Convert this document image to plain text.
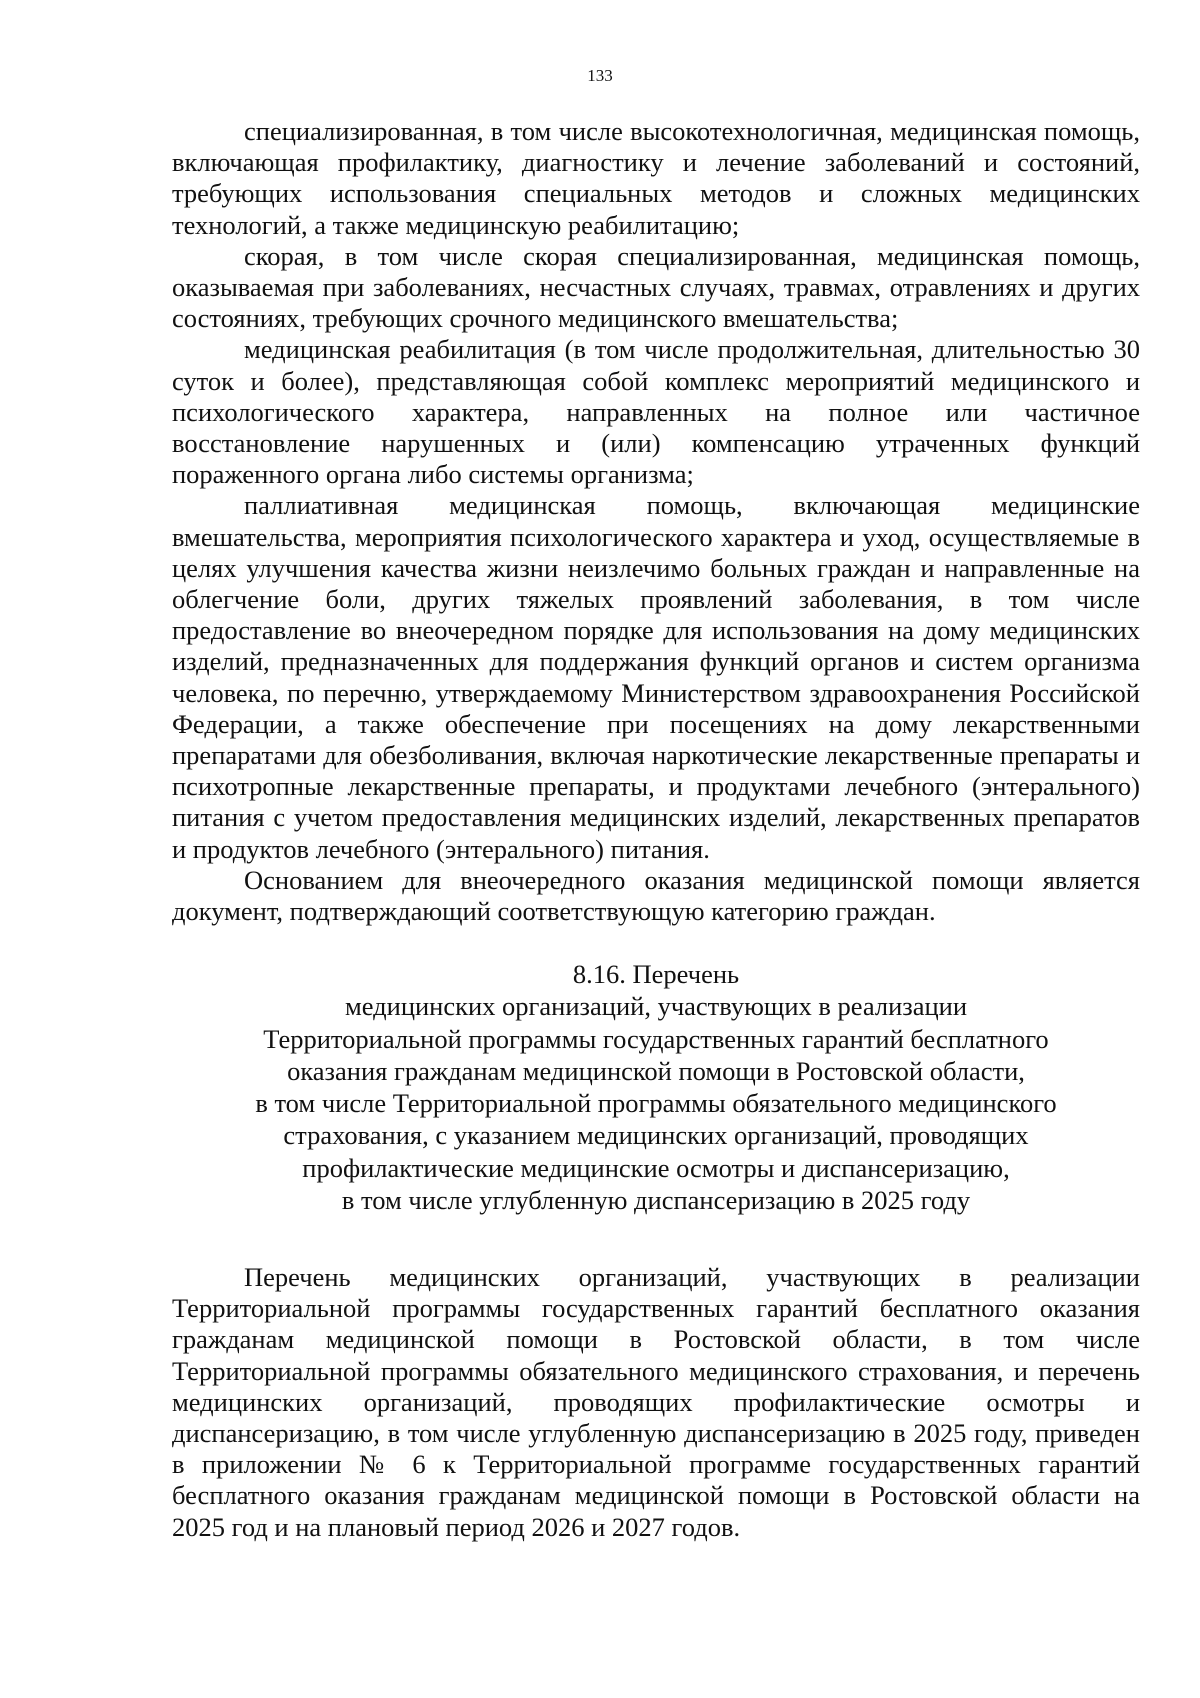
133

специализированная, в том числе высокотехнологичная, медицинская помощь, включающая профилактику, диагностику и лечение заболеваний и состояний, требующих использования специальных методов и сложных медицинских технологий, а также медицинскую реабилитацию;

скорая, в том числе скорая специализированная, медицинская помощь, оказываемая при заболеваниях, несчастных случаях, травмах, отравлениях и других состояниях, требующих срочного медицинского вмешательства;

медицинская реабилитация (в том числе продолжительная, длительностью 30 суток и более), представляющая собой комплекс мероприятий медицинского и психологического характера, направленных на полное или частичное восстановление нарушенных и (или) компенсацию утраченных функций пораженного органа либо системы организма;

паллиативная медицинская помощь, включающая медицинские вмешательства, мероприятия психологического характера и уход, осуществляемые в целях улучшения качества жизни неизлечимо больных граждан и направленные на облегчение боли, других тяжелых проявлений заболевания, в том числе предоставление во внеочередном порядке для использования на дому медицинских изделий, предназначенных для поддержания функций органов и систем организма человека, по перечню, утверждаемому Министерством здравоохранения Российской Федерации, а также обеспечение при посещениях на дому лекарственными препаратами для обезболивания, включая наркотические лекарственные препараты и психотропные лекарственные препараты, и продуктами лечебного (энтерального) питания с учетом предоставления медицинских изделий, лекарственных препаратов и продуктов лечебного (энтерального) питания.

Основанием для внеочередного оказания медицинской помощи является документ, подтверждающий соответствующую категорию граждан.

8.16. Перечень
медицинских организаций, участвующих в реализации
Территориальной программы государственных гарантий бесплатного
оказания гражданам медицинской помощи в Ростовской области,
в том числе Территориальной программы обязательного медицинского
страхования, с указанием медицинских организаций, проводящих
профилактические медицинские осмотры и диспансеризацию,
в том числе углубленную диспансеризацию в 2025 году

Перечень медицинских организаций, участвующих в реализации Территориальной программы государственных гарантий бесплатного оказания гражданам медицинской помощи в Ростовской области, в том числе Территориальной программы обязательного медицинского страхования, и перечень медицинских организаций, проводящих профилактические осмотры и диспансеризацию, в том числе углубленную диспансеризацию в 2025 году, приведен в приложении № 6 к Территориальной программе государственных гарантий бесплатного оказания гражданам медицинской помощи в Ростовской области на 2025 год и на плановый период 2026 и 2027 годов.
